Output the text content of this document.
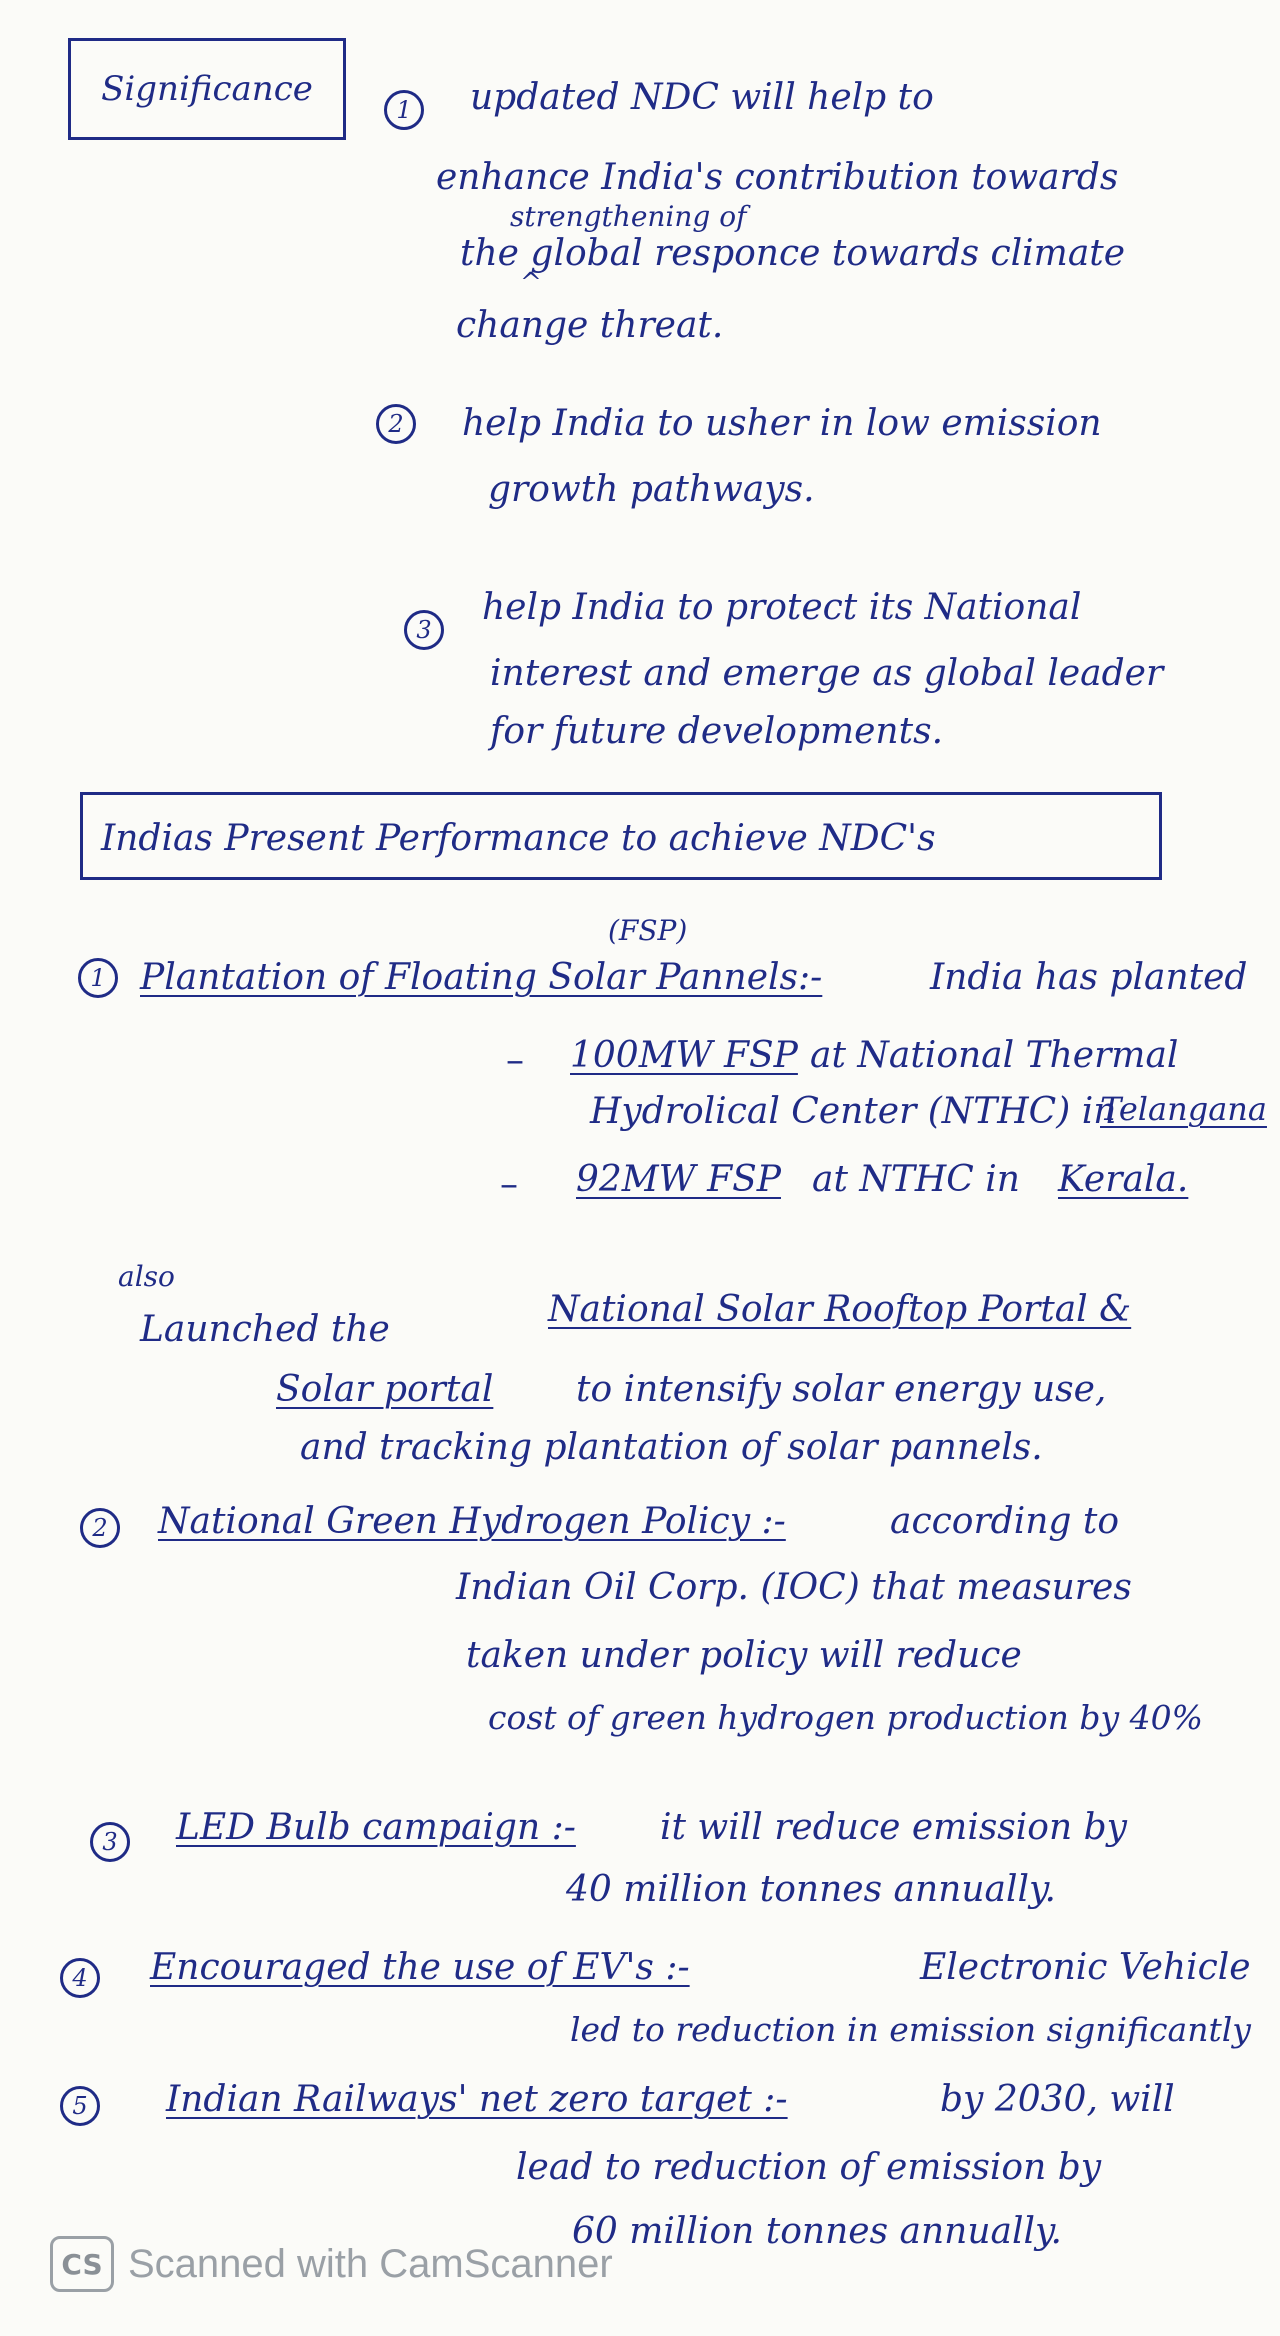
Significance
1	updated NDC will help to
strengthening of
enhance India's contribution towards
^
the global responce towards climate
change threat.
2	help India to usher in low emission
growth pathways.
3
help India to protect its National
interest and emerge as global leader
for future developments.
Indias Present Performance to achieve NDC's
1
(FSP)
Plantation of Floating Solar Pannels:-	India has planted
– 100MW FSP at National Thermal
Hydrolical Center (NTHC) in
Telangana
– 92MW FSP at NTHC in Kerala.
also
Launched the	National Solar Rooftop Portal &
Solar portal to intensify solar energy use,
and tracking plantation of solar pannels.
2	National Green Hydrogen Policy :-	according to
Indian Oil Corp. (IOC) that measures
taken under policy will reduce
cost of green hydrogen production by 40%
3	LED Bulb campaign :- it will reduce emission by
40 million tonnes annually.
4	Encouraged the use of EV's :-	Electronic Vehicle
led to reduction in emission significantly
5	Indian Railways' net zero target :-	by 2030, will
lead to reduction of emission by
60 million tonnes annually.
CS Scanned with CamScanner
